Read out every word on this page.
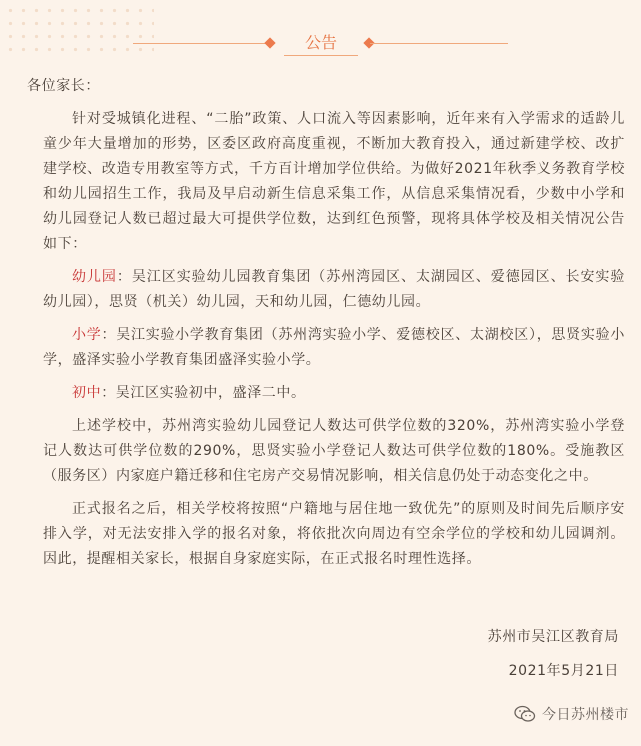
公告

各位家长：

针对受城镇化进程、“二胎”政策、人口流入等因素影响，近年来有入学需求的适龄儿童少年大量增加的形势，区委区政府高度重视，不断加大教育投入，通过新建学校、改扩建学校、改造专用教室等方式，千方百计增加学位供给。为做好2021年秋季义务教育学校和幼儿园招生工作，我局及早启动新生信息采集工作，从信息采集情况看，少数中小学和幼儿园登记人数已超过最大可提供学位数，达到红色预警，现将具体学校及相关情况公告如下：

幼儿园：吴江区实验幼儿园教育集团（苏州湾园区、太湖园区、爱德园区、长安实验幼儿园），思贤（机关）幼儿园，天和幼儿园，仁德幼儿园。

小学：吴江实验小学教育集团（苏州湾实验小学、爱德校区、太湖校区），思贤实验小学，盛泽实验小学教育集团盛泽实验小学。

初中：吴江区实验初中，盛泽二中。

上述学校中，苏州湾实验幼儿园登记人数达可供学位数的320%，苏州湾实验小学登记人数达可供学位数的290%，思贤实验小学登记人数达可供学位数的180%。受施教区（服务区）内家庭户籍迁移和住宅房产交易情况影响，相关信息仍处于动态变化之中。

正式报名之后，相关学校将按照“户籍地与居住地一致优先”的原则及时间先后顺序安排入学，对无法安排入学的报名对象，将依批次向周边有空余学位的学校和幼儿园调剂。因此，提醒相关家长，根据自身家庭实际，在正式报名时理性选择。

苏州市吴江区教育局
2021年5月21日
今日苏州楼市
